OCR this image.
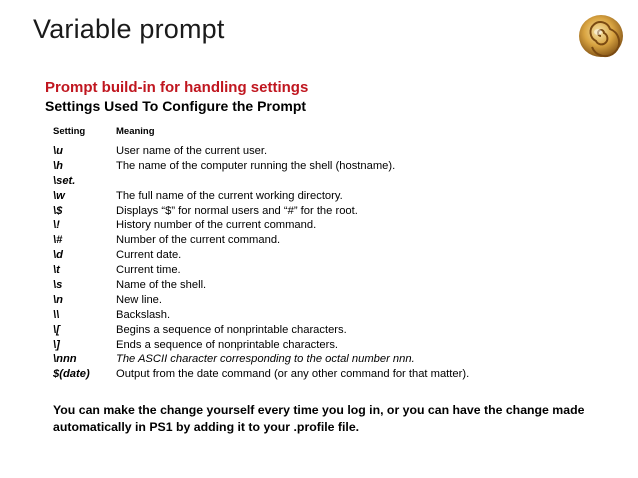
Variable prompt
Prompt build-in for handling settings
Settings Used To Configure the Prompt
Setting	Meaning
\u	User name of the current user.
\h	The name of the computer running the shell (hostname).
\set.
\w	The full name of the current working directory.
\$	Displays “$” for normal users and “#” for the root.
\!	History number of the current command.
\#	Number of the current command.
\d	Current date.
\t	Current time.
\s	Name of the shell.
\n	New line.
\\	Backslash.
\[	Begins a sequence of nonprintable characters.
\]	Ends a sequence of nonprintable characters.
\nnn	The ASCII character corresponding to the octal number nnn.
$(date) Output from the date command (or any other command for that matter).
You can make the change yourself every time you log in, or you can have the change made automatically in PS1 by adding it to your .profile file.
